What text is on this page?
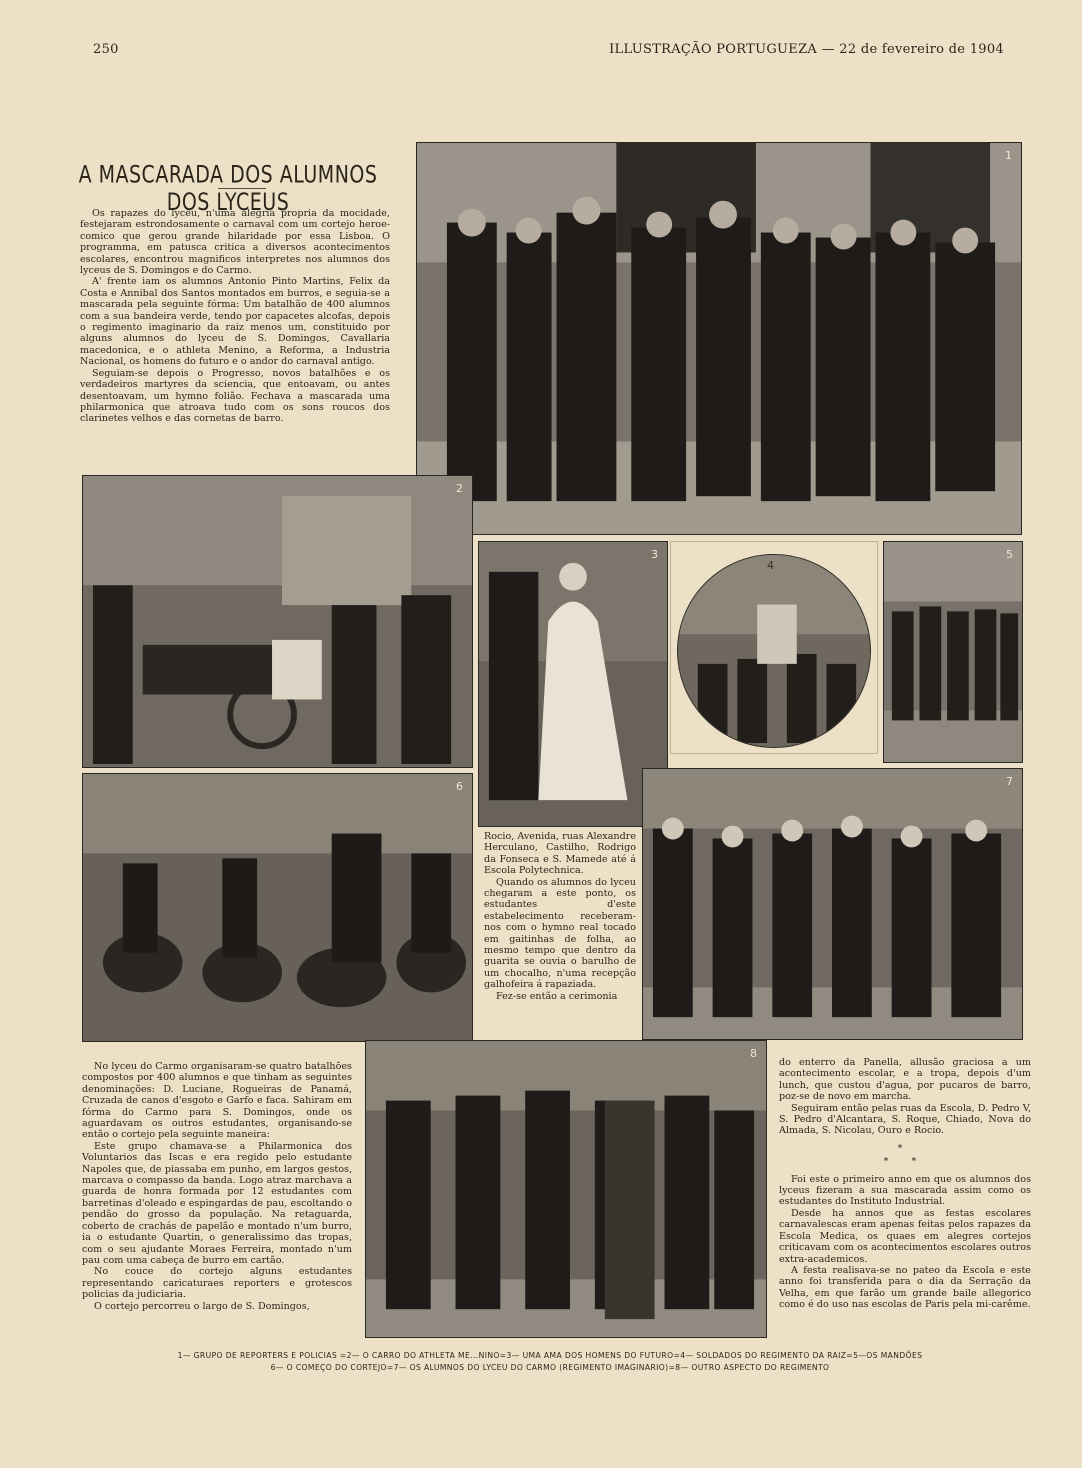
250	ILLUSTRAÇÃO PORTUGUEZA — 22 de fevereiro de 1904
A MASCARADA DOS ALUMNOS DOS LYCEUS

Os rapazes do lyceu, n'uma alegria propria da mocidade, festejaram estrondosamente o carnaval com um cortejo heroe-comico que gerou grande hilaridade por essa Lisboa. O programma, em patusca critica a diversos acontecimentos escolares, encontrou magnificos interpretes nos alumnos dos lyceus de S. Domingos e do Carmo.

A' frente iam os alumnos Antonio Pinto Martins, Felix da Costa e Annibal dos Santos montados em burros, e seguia-se a mascarada pela seguinte fórma: Um batalhão de 400 alumnos com a sua bandeira verde, tendo por capacetes alcofas, depois o regimento imaginario da raiz menos um, constituido por alguns alumnos do lyceu de S. Domingos, Cavallaria macedonica, e o athleta Menino, a Reforma, a Industria Nacional, os homens do futuro e o andor do carnaval antigo.

Seguiam-se depois o Progresso, novos batalhões e os verdadeiros martyres da sciencia, que entoavam, ou antes desentoavam, um hymno folião. Fechava a mascarada uma philarmonica que atroava tudo com os sons roucos dos clarinetes velhos e das cornetas de barro.

1
2
3
4
5
6

Rocio, Avenida, ruas Alexandre Herculano, Castilho, Rodrigo da Fonseca e S. Mamede até á Escola Polytechnica.

Quando os alumnos do lyceu chegaram a este ponto, os estudantes d'este estabelecimento receberam-nos com o hymno real tocado em gaitinhas de folha, ao mesmo tempo que dentro da guarita se ouvia o barulho de um chocalho, n'uma recepção galhofeira á rapaziada.

Fez-se então a cerimonia

7

No lyceu do Carmo organisaram-se quatro batalhões compostos por 400 alumnos e que tinham as seguintes denominações: D. Luciane, Rogueiras de Panamá, Cruzada de canos d'esgoto e Garfo e faca. Sahiram em fórma do Carmo para S. Domingos, onde os aguardavam os outros estudantes, organisando-se então o cortejo pela seguinte maneira:

Este grupo chamava-se a Philarmonica dos Voluntarios das Iscas e era regido pelo estudante Napoles que, de piassaba em punho, em largos gestos, marcava o compasso da banda. Logo atraz marchava a guarda de honra formada por 12 estudantes com barretinas d'oleado e espingardas de pau, escoltando o pendão do grosso da população. Na retaguarda, coberto de crachás de papelão e montado n'um burro, ia o estudante Quartin, o generalissimo das tropas, com o seu ajudante Moraes Ferreira, montado n'um pau com uma cabeça de burro em cartão.

No couce do cortejo alguns estudantes representando caricaturaes reporters e grotescos policias da judiciaria.

O cortejo percorreu o largo de S. Domingos,

8

do enterro da Panella, allusão graciosa a um acontecimento escolar, e a tropa, depois d'um lunch, que custou d'agua, por pucaros de barro, poz-se de novo em marcha.

Seguiram então pelas ruas da Escola, D. Pedro V, S. Pedro d'Alcantara, S. Roque, Chiado, Nova do Almada, S. Nicolau, Ouro e Rocio.

*

* *

Foi este o primeiro anno em que os alumnos dos lyceus fizeram a sua mascarada assim como os estudantes do Instituto Industrial.

Desde ha annos que as festas escolares carnavalescas eram apenas feitas pelos rapazes da Escola Medica, os quaes em alegres cortejos criticavam com os acontecimentos escolares outros extra-academicos.

A festa realisava-se no pateo da Escola e este anno foi transferida para o dia da Serração da Velha, em que farão um grande baile allegorico como é do uso nas escolas de Paris pela mi-carême.

1— GRUPO DE REPORTERS E POLICIAS =2— O CARRO DO ATHLETA ME...NINO=3— UMA AMA DOS HOMENS DO FUTURO=4— SOLDADOS DO REGIMENTO DA RAIZ=5—OS MANDÕES
6— O COMEÇO DO CORTEJO=7— OS ALUMNOS DO LYCEU DO CARMO (REGIMENTO IMAGINARIO)=8— OUTRO ASPECTO DO REGIMENTO
